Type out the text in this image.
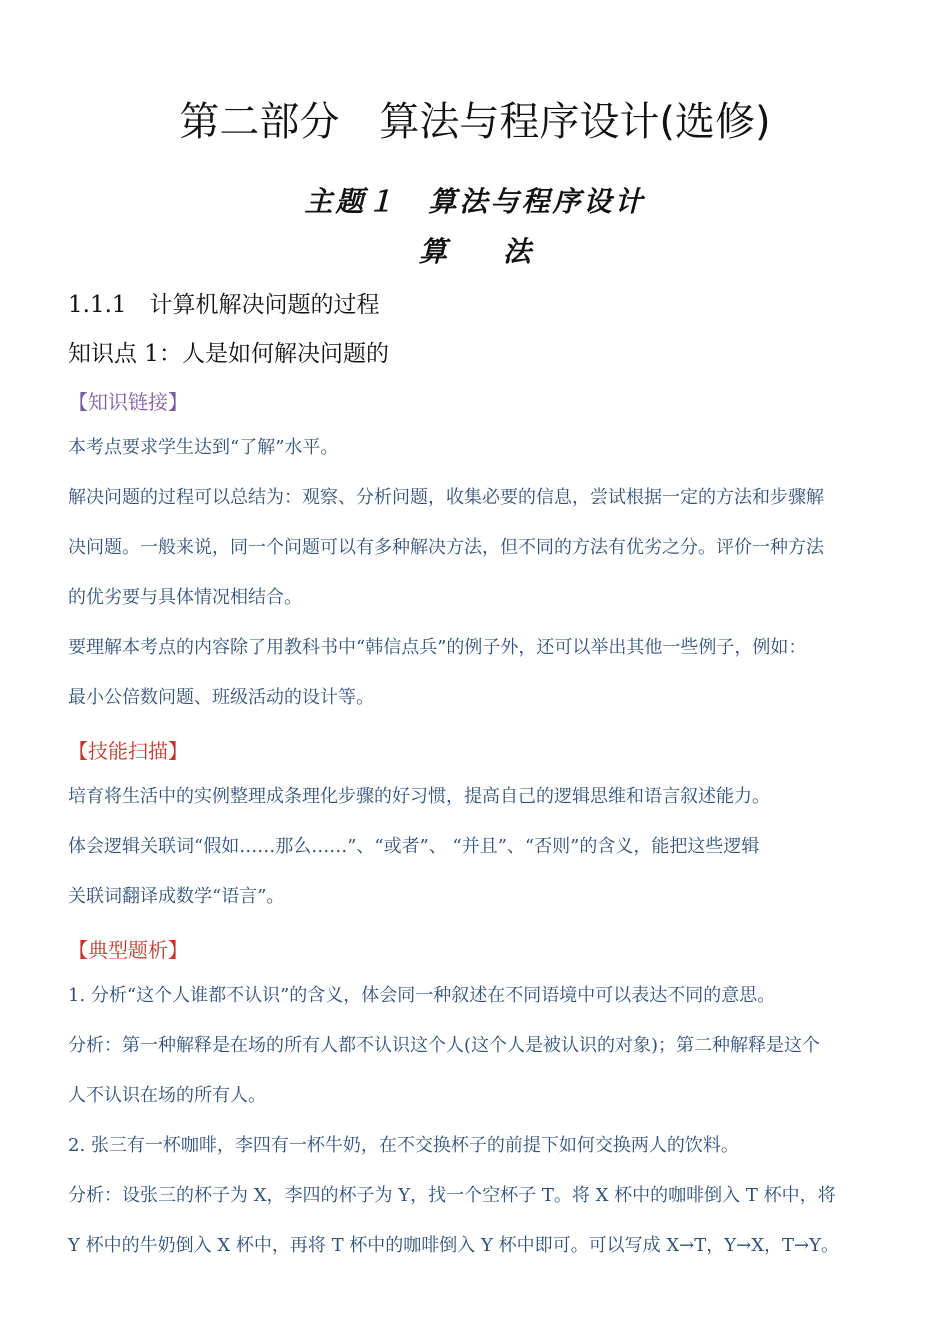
第二部分　算法与程序设计(选修)
主题１　算法与程序设计
算　　法
1.1.1　计算机解决问题的过程
知识点 1：人是如何解决问题的
【知识链接】
本考点要求学生达到“了解”水平。
解决问题的过程可以总结为：观察、分析问题，收集必要的信息，尝试根据一定的方法和步骤解
决问题。一般来说，同一个问题可以有多种解决方法，但不同的方法有优劣之分。评价一种方法
的优劣要与具体情况相结合。
要理解本考点的内容除了用教科书中“韩信点兵”的例子外，还可以举出其他一些例子，例如：
最小公倍数问题、班级活动的设计等。
【技能扫描】
培育将生活中的实例整理成条理化步骤的好习惯，提高自己的逻辑思维和语言叙述能力。
体会逻辑关联词“假如……那么……”、“或者”、 “并且”、“否则”的含义，能把这些逻辑
关联词翻译成数学“语言”。
【典型题析】
1. 分析“这个人谁都不认识”的含义，体会同一种叙述在不同语境中可以表达不同的意思。
分析：第一种解释是在场的所有人都不认识这个人(这个人是被认识的对象)；第二种解释是这个
人不认识在场的所有人。
2. 张三有一杯咖啡，李四有一杯牛奶，在不交换杯子的前提下如何交换两人的饮料。
分析：设张三的杯子为 X，李四的杯子为 Y，找一个空杯子 T。将 X 杯中的咖啡倒入 T 杯中，将
Y 杯中的牛奶倒入 X 杯中，再将 T 杯中的咖啡倒入 Y 杯中即可。可以写成 X→T，Y→X，T→Y。
